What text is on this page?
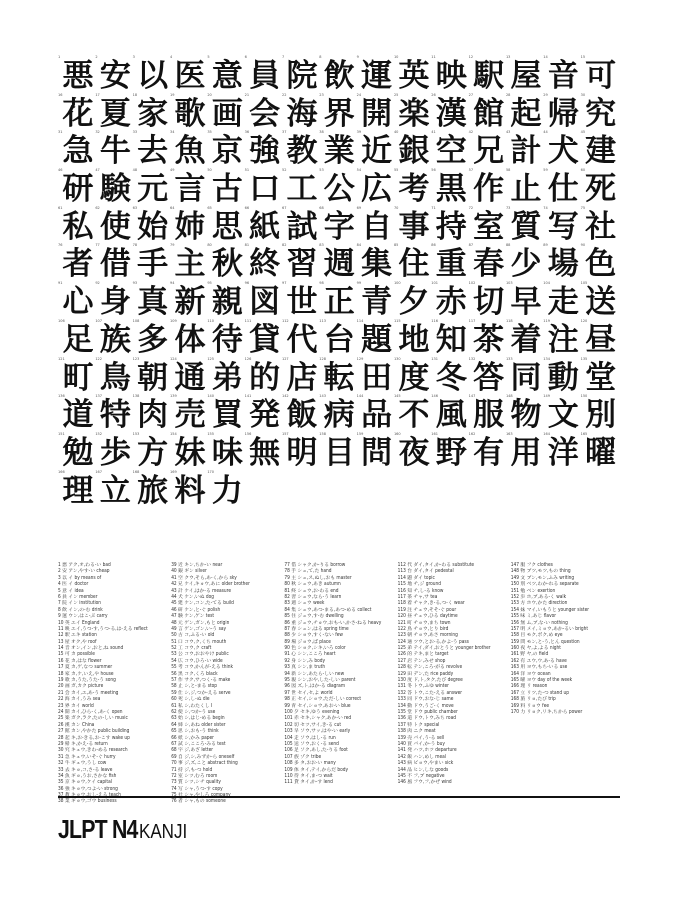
1
悪
2
安
3
以
4
医
5
意
6
員
7
院
8
飲
9
運
10
英
11
映
12
駅
13
屋
14
音
15
可
16
花
17
夏
18
家
19
歌
20
画
21
会
22
海
23
界
24
開
25
楽
26
漢
27
館
28
起
29
帰
30
究
31
急
32
牛
33
去
34
魚
35
京
36
強
37
教
38
業
39
近
40
銀
41
空
42
兄
43
計
44
犬
45
建
46
研
47
験
48
元
49
言
50
古
51
口
52
工
53
公
54
広
55
考
56
黒
57
作
58
止
59
仕
60
死
61
私
62
使
63
始
64
姉
65
思
66
紙
67
試
68
字
69
自
70
事
71
持
72
室
73
質
74
写
75
社
76
者
77
借
78
手
79
主
80
秋
81
終
82
習
83
週
84
集
85
住
86
重
87
春
88
少
89
場
90
色
91
心
92
身
93
真
94
新
95
親
96
図
97
世
98
正
99
青
100
夕
101
赤
102
切
103
早
104
走
105
送
106
足
107
族
108
多
109
体
110
待
111
貸
112
代
113
台
114
題
115
地
116
知
117
茶
118
着
119
注
120
昼
121
町
122
鳥
123
朝
124
通
125
弟
126
的
127
店
128
転
129
田
130
度
131
冬
132
答
133
同
134
動
135
堂
136
道
137
特
138
肉
139
売
140
買
141
発
142
飯
143
病
144
品
145
不
146
風
147
服
148
物
149
文
150
別
151
勉
152
歩
153
方
154
妹
155
味
156
無
157
明
158
目
159
問
160
夜
161
野
162
有
163
用
164
洋
165
曜
166
理
167
立
168
旅
169
料
170
力
1 悪 アク,オ,わる-い bad
2 安 アン,やす-い cheap
3 以 イ by means of
4 医 イ doctor
5 意 イ idea
6 員 イン member
7 院 イン institution
8 飲 イン,の-む drink
9 運 ウン,はこ-ぶ carry
10 英 エイ England
11 映 エイ,うつ-す,うつ-る,は-える reflect
12 駅 エキ station
13 屋 オク,や roof
14 音 オン,イン,おと,ね sound
15 可 カ possible
16 花 カ,はな flower
17 夏 カ,ゲ,なつ summer
18 家 カ,ケ,いえ,や house
19 歌 カ,うた,うた-う song
20 画 ガ,カク picture
21 会 カイ,エ,あ-う meeting
22 海 カイ,うみ sea
23 界 カイ world
24 開 カイ,ひら-く,あ-く open
25 楽 ガク,ラク,たの-しい music
26 漢 カン China
27 館 カン,やかた public building
28 起 キ,お-きる,お-こす wake up
29 帰 キ,かえ-る return
30 究 キュウ,きわ-める research
31 急 キュウ,いそ-ぐ hurry
32 牛 ギュウ,うし cow
33 去 キョ,コ,さ-る leave
34 魚 ギョ,うお,さかな fish
35 京 キョウ,ケイ capital
36 強 キョウ,つよ-い strong
38 業 ギョウ,ゴウ business
39 近 キン,ちか-い near
40 銀 ギン silver
41 空 クウ,そら,あ-く,から sky
42 兄 ケイ,キョウ,あに older brother
43 計 ケイ,はか-る measure
44 犬 ケン,いぬ dog
45 建 ケン,コン,た-てる build
46 研 ケン,と-ぐ polish
47 験 ケン,ゲン test
48 元 ゲン,ガン,もと origin
49 言 ゲン,ゴン,い-う say
50 古 コ,ふる-い old
51 口 コウ,ク,くち mouth
52 工 コウ,ク craft
53 公 コウ,おおやけ public
54 広 コウ,ひろ-い wide
55 考 コウ,かんが-える think
56 黒 コク,くろ black
57 作 サク,サ,つく-る make
58 止 シ,と-まる stop
59 仕 シ,ジ,つか-える serve
60 死 シ,し-ぬ die
61 私 シ,わたくし I
62 使 シ,つか-う use
63 始 シ,はじ-める begin
64 姉 シ,あね older sister
65 思 シ,おも-う think
66 紙 シ,かみ paper
67 試 シ,こころ-みる test
68 字 ジ,あざ letter
69 自 ジ,シ,みずか-ら oneself
70 事 ジ,ズ,こと abstract thing
71 持 ジ,も-つ hold
72 室 シツ,むろ room
73 質 シツ,シチ quality
74 写 シャ,うつ-す copy
76 者 シャ,もの someone
77 借 シャク,か-りる borrow
78 手 シュ,て,た hand
79 主 シュ,ス,ぬし,おも master
80 秋 シュウ,あき autumn
81 終 シュウ,お-わる end
82 習 シュウ,なら-う learn
83 週 シュウ week
84 集 シュウ,あつ-まる,あつ-める collect
85 住 ジュウ,す-む dwelling
86 重 ジュウ,チョウ,おも-い,かさ-ねる heavy
87 春 シュン,はる spring time
88 少 ショウ,すく-ない few
89 場 ジョウ,ば place
90 色 ショク,シキ,いろ color
91 心 シン,こころ heart
92 身 シン,み body
93 真 シン,ま truth
94 新 シン,あたら-しい new
95 親 シン,おや,した-しい parent
96 図 ズ,ト,はか-る diagram
97 世 セイ,セ,よ world
98 正 セイ,ショウ,ただ-しい correct
99 青 セイ,ショウ,あお-い blue
100 夕 セキ,ゆう evening
101 赤 セキ,シャク,あか-い red
102 切 セツ,サイ,き-る cut
103 早 ソウ,サッ,はや-い early
104 走 ソウ,はし-る run
105 送 ソウ,おく-る send
106 足 ソク,あし,た-りる foot
107 族 ゾク tribe
108 多 タ,おお-い many
109 体 タイ,テイ,からだ body
110 待 タイ,ま-つ wait
111 貸 タイ,か-す lend
112 代 ダイ,タイ,か-わる substitute
113 台 ダイ,タイ pedestal
114 題 ダイ topic
115 地 チ,ジ ground
116 知 チ,し-る know
117 茶 チャ,サ tea
118 着 チャク,き-る,つ-く wear
119 注 チュウ,そそ-ぐ pour
120 昼 チュウ,ひる daytime
121 町 チョウ,まち town
122 鳥 チョウ,とり bird
123 朝 チョウ,あさ morning
124 通 ツウ,とお-る,かよ-う pass
125 弟 テイ,ダイ,おとうと younger brother
126 的 テキ,まと target
127 店 テン,みせ shop
128 転 テン,ころ-がる revolve
129 田 デン,た rice paddy
130 度 ド,ト,タク,たび degree
131 冬 トウ,ふゆ winter
132 答 トウ,こた-える answer
133 同 ドウ,おな-じ same
134 動 ドウ,うご-く move
135 堂 ドウ public chamber
136 道 ドウ,トウ,みち road
137 特 トク special
138 肉 ニク meat
139 売 バイ,う-る sell
140 買 バイ,か-う buy
141 発 ハツ,ホツ departure
142 飯 ハン,めし meal
143 病 ビョウ,やまい sick
144 品 ヒン,しな goods
145 不 フ,ブ negative
146 風 フウ,フ,かぜ wind
147 服 フク clothes
148 物 ブツ,モツ,もの thing
149 文 ブン,モン,ふみ writing
150 別 ベツ,わか-れる separate
151 勉 ベン exertion
152 歩 ホ,ブ,ある-く walk
153 方 ホウ,かた direction
154 妹 マイ,いもうと younger sister
155 味 ミ,あじ flavor
156 無 ム,ブ,な-い nothing
157 明 メイ,ミョウ,あか-るい bright
158 目 モク,ボク,め eye
159 問 モン,と-う,とん question
160 夜 ヤ,よ,よる night
161 野 ヤ,の field
162 有 ユウ,ウ,あ-る have
163 用 ヨウ,もち-いる use
164 洋 ヨウ ocean
165 曜 ヨウ day of the week
166 理 リ reason
167 立 リツ,た-つ stand up
168 旅 リョ,たび trip
169 料 リョウ fee
170 力 リョク,リキ,ちから power
JLPT N4 KANJI
